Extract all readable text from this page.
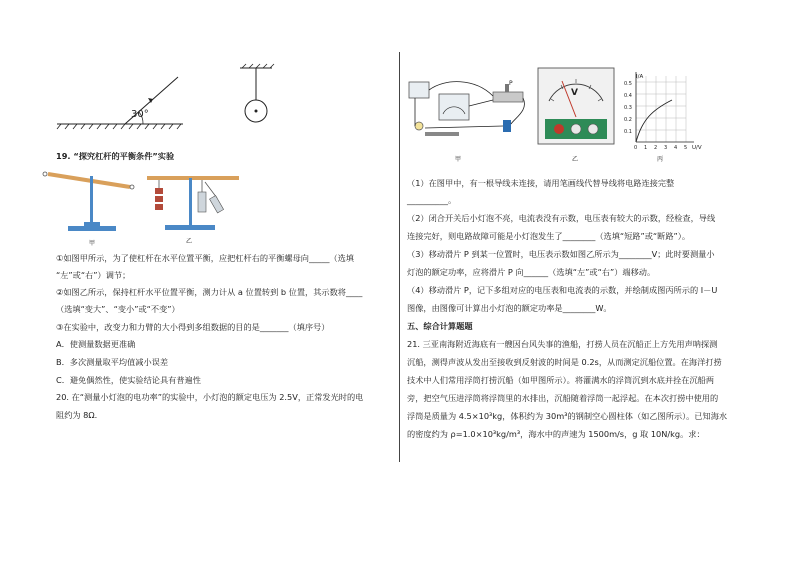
30°
19. “探究杠杆的平衡条件”实验
甲	乙
①如图甲所示，为了使杠杆在水平位置平衡，应把杠杆右的平衡螺母向_____（选填
“左”或“右”）调节；
②如图乙所示，保持杠杆水平位置平衡，测力计从 a 位置转到 b 位置，其示数将____
（选填“变大”、“变小”或“不变”）
③在实验中，改变力和力臂的大小得到多组数据的目的是_______（填序号）
A．使测量数据更准确
B．多次测量取平均值减小误差
C．避免偶然性，使实验结论具有普遍性
20. 在“测量小灯泡的电功率”的实验中，小灯泡的额定电压为 2.5V，正常发光时的电
阻约为 8Ω.
P
甲
V
乙
I/A
0.5
0.4
0.3
0.2
0.1
0 1 2 3 4 5 U/V
丙
（1）在图甲中，有一根导线未连接，请用笔画线代替导线将电路连接完整
__________。
（2）闭合开关后小灯泡不亮，电流表没有示数，电压表有较大的示数，经检查，导线
连接完好，则电路故障可能是小灯泡发生了________（选填“短路”或“断路”）。
（3）移动滑片 P 到某一位置时，电压表示数如图乙所示为________V；此时要测量小
灯泡的额定功率，应将滑片 P 向______（选填“左”或“右”）端移动。
（4）移动滑片 P，记下多组对应的电压表和电流表的示数，并绘制成图丙所示的 I－U
图像，由图像可计算出小灯泡的额定功率是________W。
五、综合计算题题
21. 三亚南海附近海底有一艘因台风失事的渔船，打捞人员在沉船正上方先用声呐探测
沉船，测得声波从发出至接收到反射波的时间是 0.2s，从而测定沉船位置。在海洋打捞
技术中人们常用浮筒打捞沉船（如甲图所示）。将灌满水的浮筒沉到水底并拴在沉船两
旁，把空气压进浮筒将浮筒里的水排出，沉船随着浮筒一起浮起。在本次打捞中使用的
浮筒是质量为 4.5×10³kg，体积约为 30m³的钢制空心圆柱体（如乙图所示）。已知海水
的密度约为 ρ=1.0×10³kg/m³，海水中的声速为 1500m/s，g 取 10N/kg。求：
